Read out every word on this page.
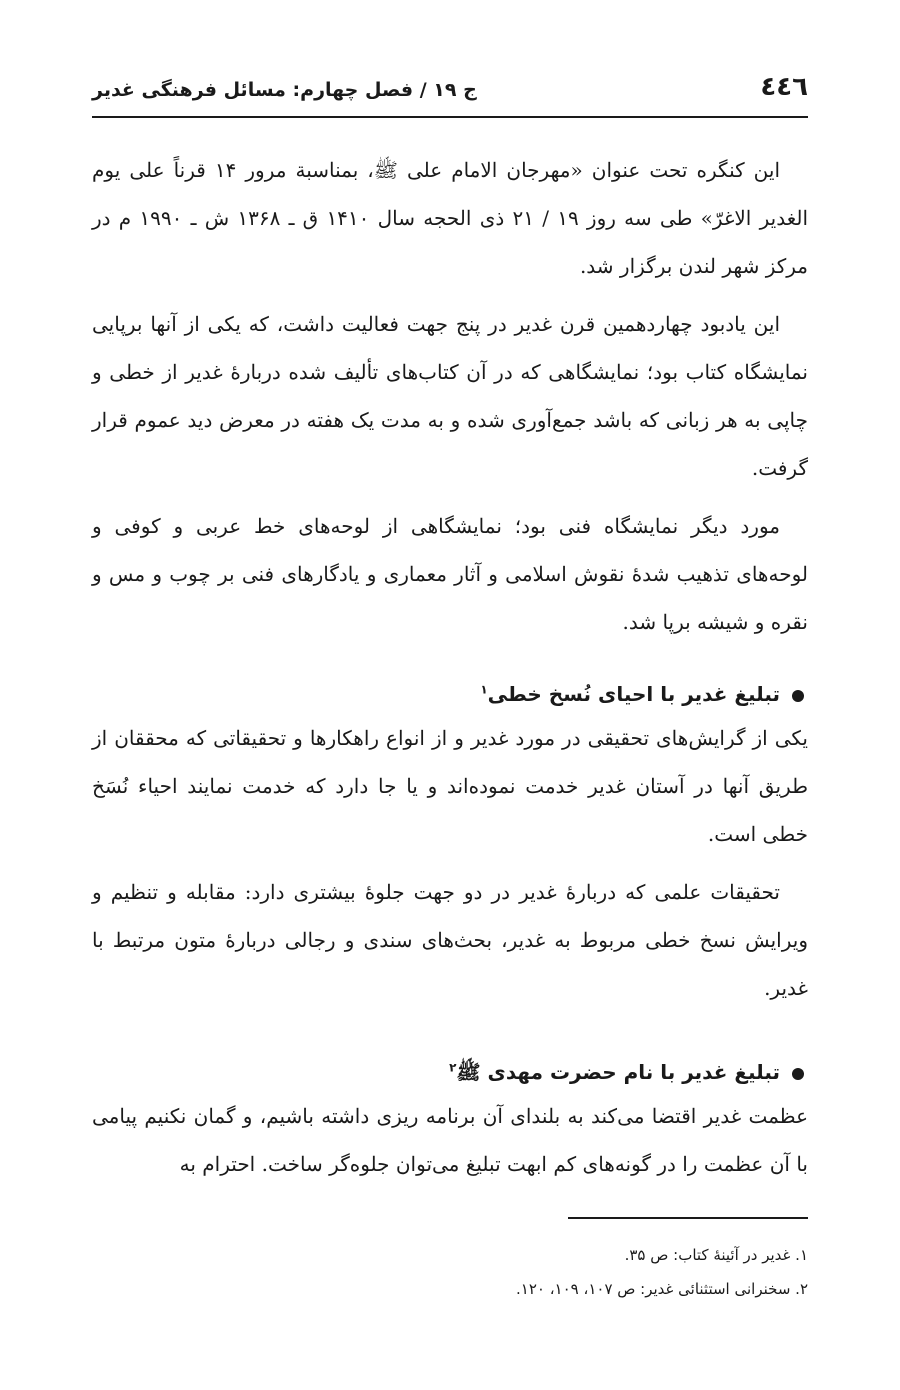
٤٤٦
ج ۱۹ / فصل چهارم: مسائل فرهنگی غدیر

این کنگره تحت عنوان «مهرجان الامام علی ﷺ، بمناسبة مرور ۱۴ قرناً علی یوم الغدیر الاغرّ» طی سه روز ۱۹ / ۲۱ ذی الحجه سال ۱۴۱۰ ق ـ ۱۳۶۸ ش ـ ۱۹۹۰ م در مرکز شهر لندن برگزار شد.

این یادبود چهاردهمین قرن غدیر در پنج جهت فعالیت داشت، که یکی از آنها برپایی نمایشگاه کتاب بود؛ نمایشگاهی که در آن کتاب‌های تألیف شده دربارهٔ غدیر از خطی و چاپی به هر زبانی که باشد جمع‌آوری شده و به مدت یک هفته در معرض دید عموم قرار گرفت.

مورد دیگر نمایشگاه فنی بود؛ نمایشگاهی از لوحه‌های خط عربی و کوفی و لوحه‌های تذهیب شدهٔ نقوش اسلامی و آثار معماری و یادگارهای فنی بر چوب و مس و نقره و شیشه برپا شد.

تبلیغ غدیر با احیای نُسخ خطی$^۱$

یکی از گرایش‌های تحقیقی در مورد غدیر و از انواع راهکارها و تحقیقاتی که محققان از طریق آنها در آستان غدیر خدمت نموده‌اند و یا جا دارد که خدمت نمایند احیاء نُسَخ خطی است.

تحقیقات علمی که دربارهٔ غدیر در دو جهت جلوهٔ بیشتری دارد: مقابله و تنظیم و ویرایش نسخ خطی مربوط به غدیر، بحث‌های سندی و رجالی دربارهٔ متون مرتبط با غدیر.

تبلیغ غدیر با نام حضرت مهدی ﷺ$^۲$

عظمت غدیر اقتضا می‌کند به بلندای آن برنامه ریزی داشته باشیم، و گمان نکنیم پیامی با آن عظمت را در گونه‌های کم ابهت تبلیغ می‌توان جلوه‌گر ساخت. احترام به

۱. غدیر در آئینهٔ کتاب: ص ۳۵.

۲. سخنرانی استثنائی غدیر: ص ۱۰۷، ۱۰۹، ۱۲۰.
